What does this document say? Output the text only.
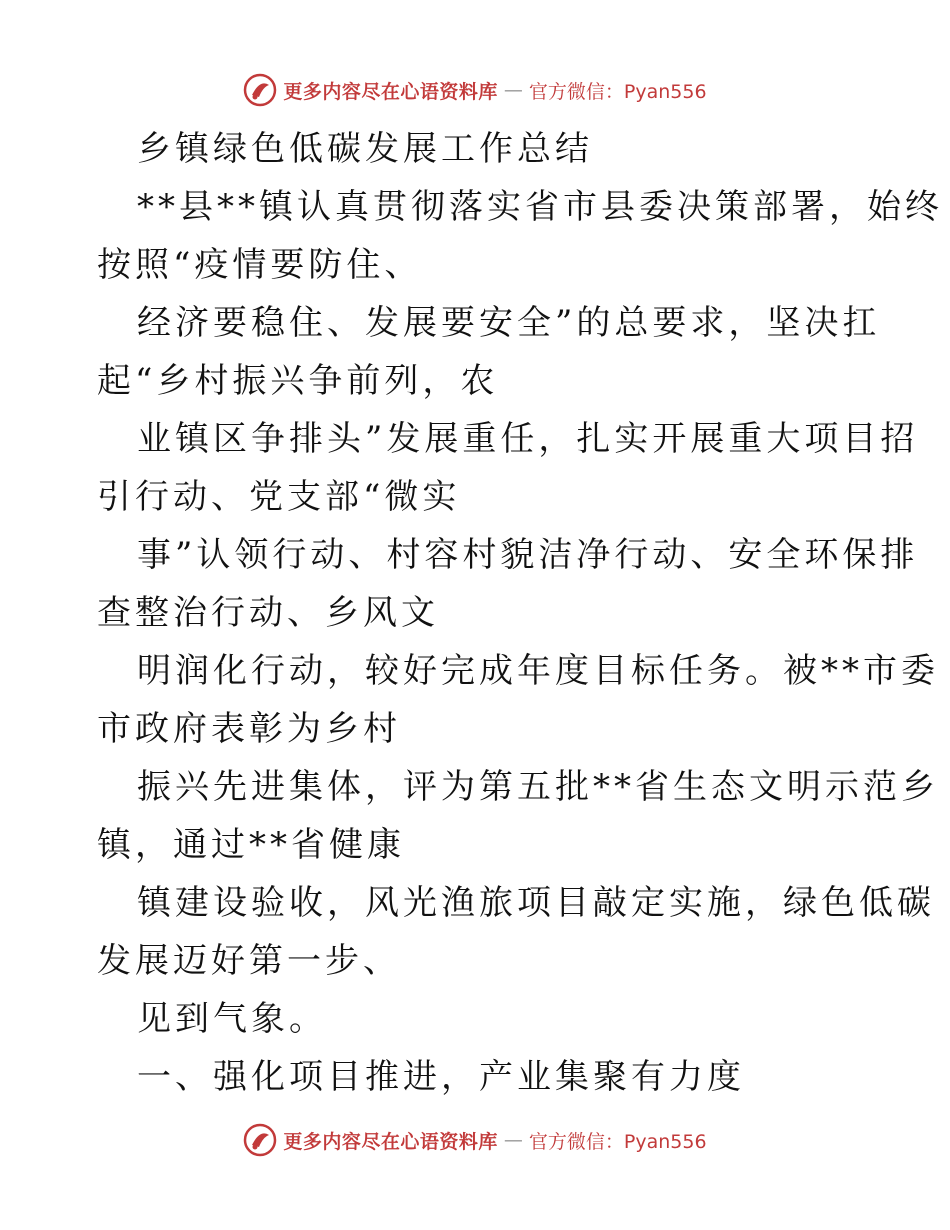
更多内容尽在心语资料库 — 官方微信：Pyan556
乡镇绿色低碳发展工作总结
**县**镇认真贯彻落实省市县委决策部署，始终
按照“疫情要防住、
经济要稳住、发展要安全”的总要求，坚决扛
起“乡村振兴争前列，农
业镇区争排头”发展重任，扎实开展重大项目招
引行动、党支部“微实
事”认领行动、村容村貌洁净行动、安全环保排
查整治行动、乡风文
明润化行动，较好完成年度目标任务。被**市委
市政府表彰为乡村
振兴先进集体，评为第五批**省生态文明示范乡
镇，通过**省健康
镇建设验收，风光渔旅项目敲定实施，绿色低碳
发展迈好第一步、
见到气象。
一、强化项目推进，产业集聚有力度
更多内容尽在心语资料库 — 官方微信：Pyan556
